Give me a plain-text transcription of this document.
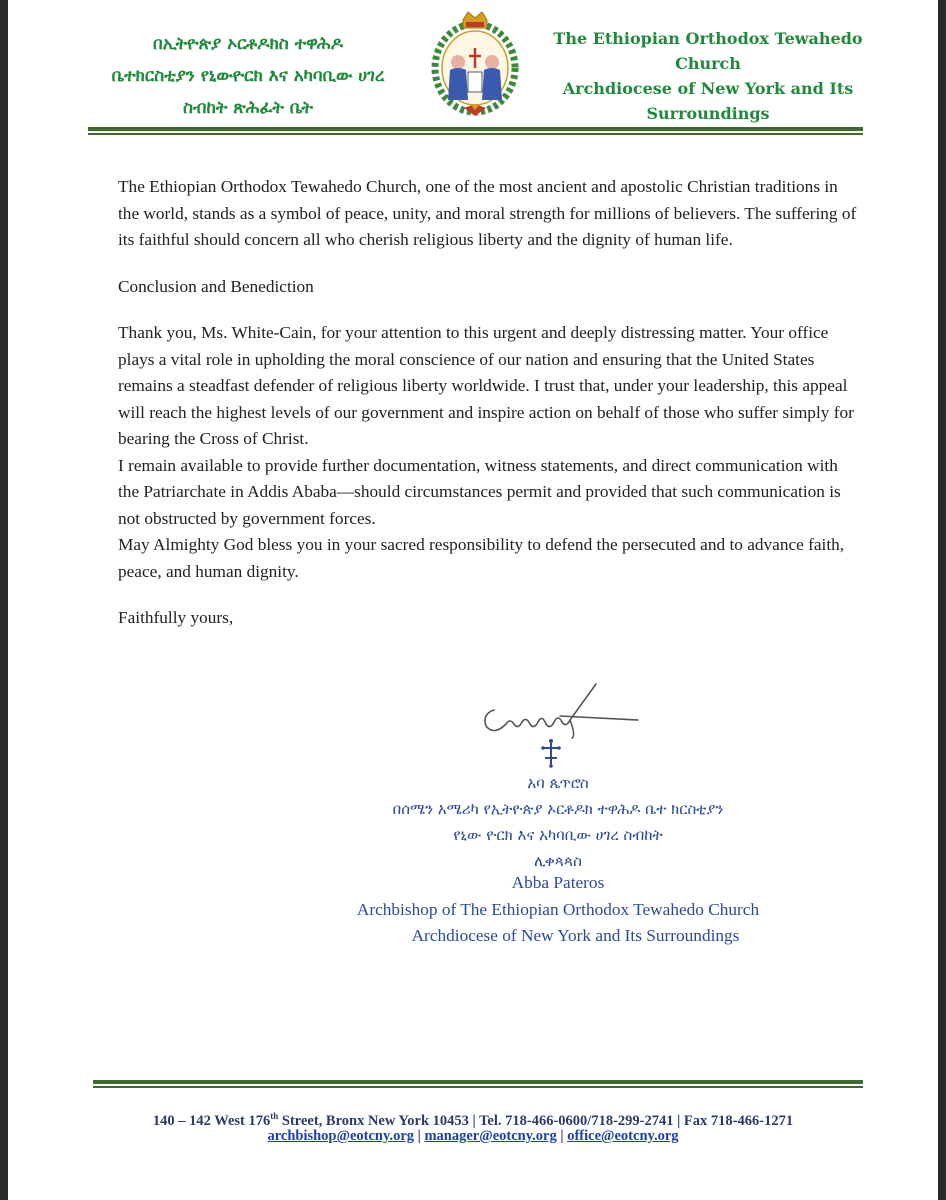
በኢትዮጵያ ኦርቶዶክስ ተዋሕዶ
ቤተክርስቲያን የኒውዮርክ እና አካባቢው ሀገረ
ስብከት ጽሕፈት ቤት
The Ethiopian Orthodox Tewahedo
Church
Archdiocese of New York and Its
Surroundings

The Ethiopian Orthodox Tewahedo Church, one of the most ancient and apostolic Christian traditions in the world, stands as a symbol of peace, unity, and moral strength for millions of believers. The suffering of its faithful should concern all who cherish religious liberty and the dignity of human life.

Conclusion and Benediction

Thank you, Ms. White-Cain, for your attention to this urgent and deeply distressing matter. Your office plays a vital role in upholding the moral conscience of our nation and ensuring that the United States remains a steadfast defender of religious liberty worldwide. I trust that, under your leadership, this appeal will reach the highest levels of our government and inspire action on behalf of those who suffer simply for bearing the Cross of Christ.

I remain available to provide further documentation, witness statements, and direct communication with the Patriarchate in Addis Ababa—should circumstances permit and provided that such communication is not obstructed by government forces.

May Almighty God bless you in your sacred responsibility to defend the persecuted and to advance faith, peace, and human dignity.

Faithfully yours,

አባ ጴጥሮስ
በሰሜን አሜሪካ የኢትዮጵያ ኦርቶዶክ ተዋሕዶ ቤተ ክርስቲያን
የኒው ዮርክ እና አካባቢው ሀገረ ስብከት
ሊቀጳጳስ
Abba Pateros
Archbishop of The Ethiopian Orthodox Tewahedo Church
Archdiocese of New York and Its Surroundings
140 – 142 West 176th Street, Bronx New York 10453 | Tel. 718-466-0600/718-299-2741 | Fax 718-466-1271
archbishop@eotcny.org | manager@eotcny.org | office@eotcny.org
